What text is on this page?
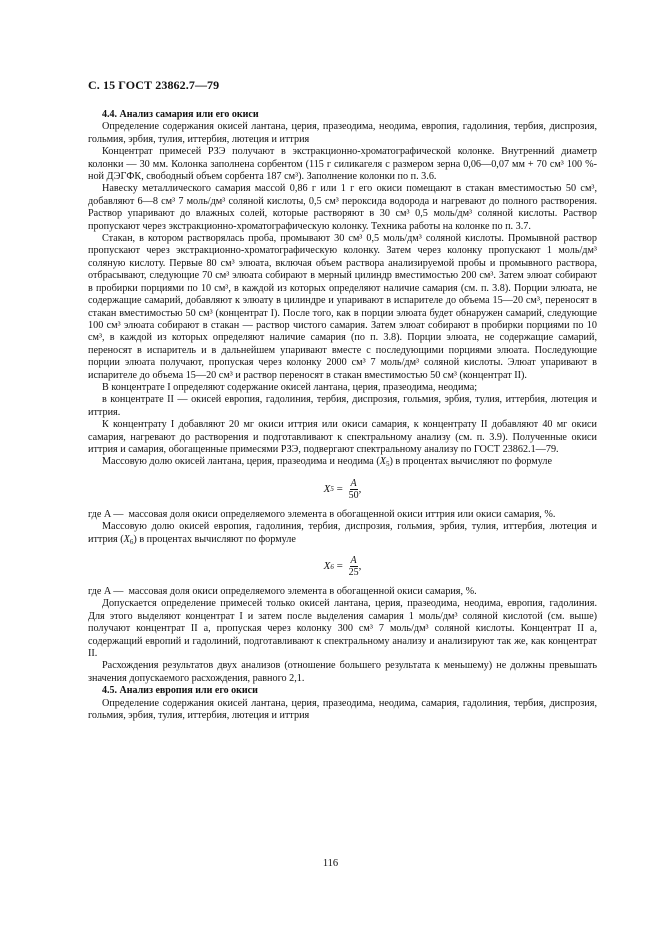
С. 15 ГОСТ 23862.7—79

4.4. Анализ самария или его окиси

Определение содержания окисей лантана, церия, празеодима, неодима, европия, гадолиния, тербия, диспрозия, гольмия, эрбия, тулия, иттербия, лютеция и иттрия

Концентрат примесей РЗЭ получают в экстракционно-хроматографической колонке. Внутренний диаметр колонки — 30 мм. Колонка заполнена сорбентом (115 г силикагеля с размером зерна 0,06—0,07 мм + 70 см³ 100 %-ной ДЭГФК, свободный объем сорбента 187 см³). Заполнение колонки по п. 3.6.

Навеску металлического самария массой 0,86 г или 1 г его окиси помещают в стакан вместимостью 50 см³, добавляют 6—8 см³ 7 моль/дм³ соляной кислоты, 0,5 см³ пероксида водорода и нагревают до полного растворения. Раствор упаривают до влажных солей, которые растворяют в 30 см³ 0,5 моль/дм³ соляной кислоты. Раствор пропускают через экстракционно-хроматографическую колонку. Техника работы на колонке по п. 3.7.

Стакан, в котором растворялась проба, промывают 30 см³ 0,5 моль/дм³ соляной кислоты. Промывной раствор пропускают через экстракционно-хроматографическую колонку. Затем через колонку пропускают 1 моль/дм³ соляную кислоту. Первые 80 см³ элюата, включая объем раствора анализируемой пробы и промывного раствора, отбрасывают, следующие 70 см³ элюата собирают в мерный цилиндр вместимостью 200 см³. Затем элюат собирают в пробирки порциями по 10 см³, в каждой из которых определяют наличие самария (см. п. 3.8). Порции элюата, не содержащие самарий, добавляют к элюату в цилиндре и упаривают в испарителе до объема 15—20 см³, переносят в стакан вместимостью 50 см³ (концентрат I). После того, как в порции элюата будет обнаружен самарий, следующие 100 см³ элюата собирают в стакан — раствор чистого самария. Затем элюат собирают в пробирки порциями по 10 см³, в каждой из которых определяют наличие самария (по п. 3.8). Порции элюата, не содержащие самарий, переносят в испаритель и в дальнейшем упаривают вместе с последующими порциями элюата. Последующие порции элюата получают, пропуская через колонку 2000 см³ 7 моль/дм³ соляной кислоты. Элюат упаривают в испарителе до объема 15—20 см³ и раствор переносят в стакан вместимостью 50 см³ (концентрат II).

В концентрате I определяют содержание окисей лантана, церия, празеодима, неодима;

в концентрате II — окисей европия, гадолиния, тербия, диспрозия, гольмия, эрбия, тулия, иттербия, лютеция и иттрия.

К концентрату I добавляют 20 мг окиси иттрия или окиси самария, к концентрату II добавляют 40 мг окиси самария, нагревают до растворения и подготавливают к спектральному анализу (см. п. 3.9). Полученные окиси иттрия и самария, обогащенные примесями РЗЭ, подвергают спектральному анализу по ГОСТ 23862.1—79.

Массовую долю окисей лантана, церия, празеодима и неодима $(X_5)$ в процентах вычисляют по формуле

X $5 = \frac{A}{50}$ ,
где A — массовая доля окиси определяемого элемента в обогащенной окиси иттрия или окиси самария, %.

Массовую долю окисей европия, гадолиния, тербия, диспрозия, гольмия, эрбия, тулия, иттербия, лютеция и иттрия $(X_6)$ в процентах вычисляют по формуле

X $6 = \frac{A}{25}$ ,
где A — массовая доля окиси определяемого элемента в обогащенной окиси самария, %.

Допускается определение примесей только окисей лантана, церия, празеодима, неодима, европия, гадолиния. Для этого выделяют концентрат I и затем после выделения самария 1 моль/дм³ соляной кислотой (см. выше) получают концентрат II a, пропуская через колонку 300 см³ 7 моль/дм³ соляной кислоты. Концентрат II a, содержащий европий и гадолиний, подготавливают к спектральному анализу и анализируют так же, как концентрат II.

Расхождения результатов двух анализов (отношение большего результата к меньшему) не должны превышать значения допускаемого расхождения, равного 2,1.

4.5. Анализ европия или его окиси

Определение содержания окисей лантана, церия, празеодима, неодима, самария, гадолиния, тербия, диспрозия, гольмия, эрбия, тулия, иттербия, лютеция и иттрия

116
